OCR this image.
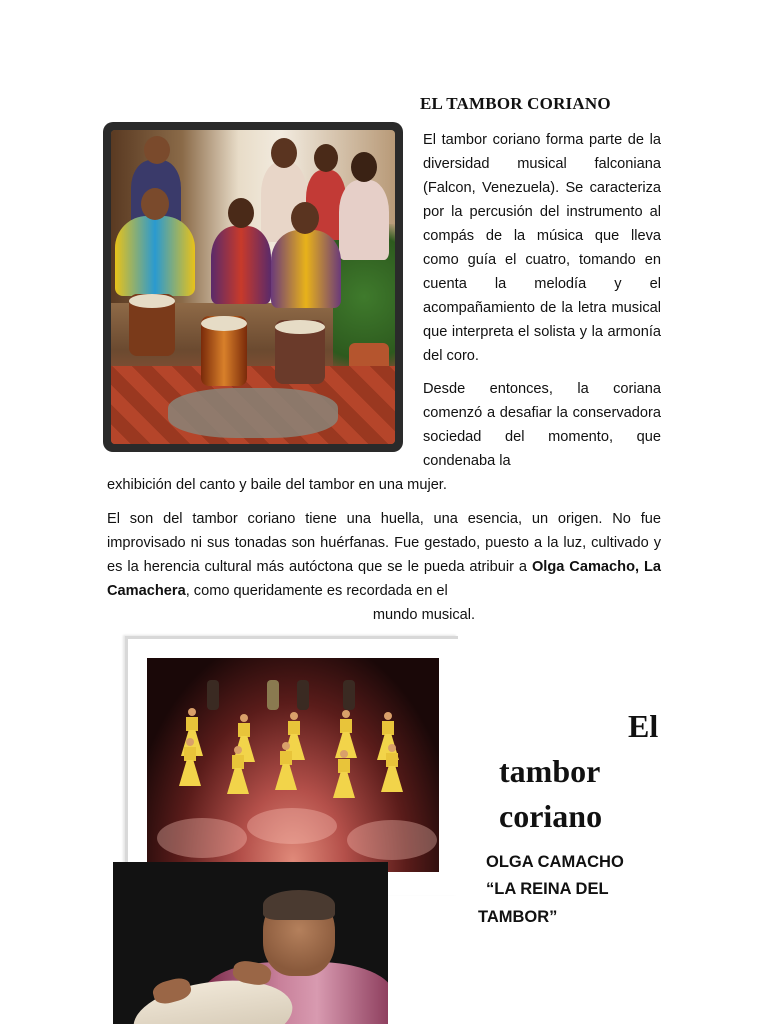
EL TAMBOR CORIANO
El tambor coriano forma parte de la diversidad musical falconiana (Falcon, Venezuela). Se caracteriza por la percusión del instrumento al compás de la música que lleva como guía el cuatro, tomando en cuenta la melodía y el acompañamiento de la letra musical que interpreta el solista y la armonía del coro.
Desde entonces, la coriana comenzó a desafiar la conservadora sociedad del momento, que condenaba la
exhibición del canto y baile del tambor en una mujer.
El son del tambor coriano tiene una huella, una esencia, un origen. No fue improvisado ni sus tonadas son huérfanas. Fue gestado, puesto a la luz, cultivado y es la herencia cultural más autóctona que se le pueda atribuir a Olga Camacho, La Camachera, como queridamente es recordada en el
mundo musical.
El
tambor
coriano
OLGA CAMACHO
“LA REINA DEL
TAMBOR”
